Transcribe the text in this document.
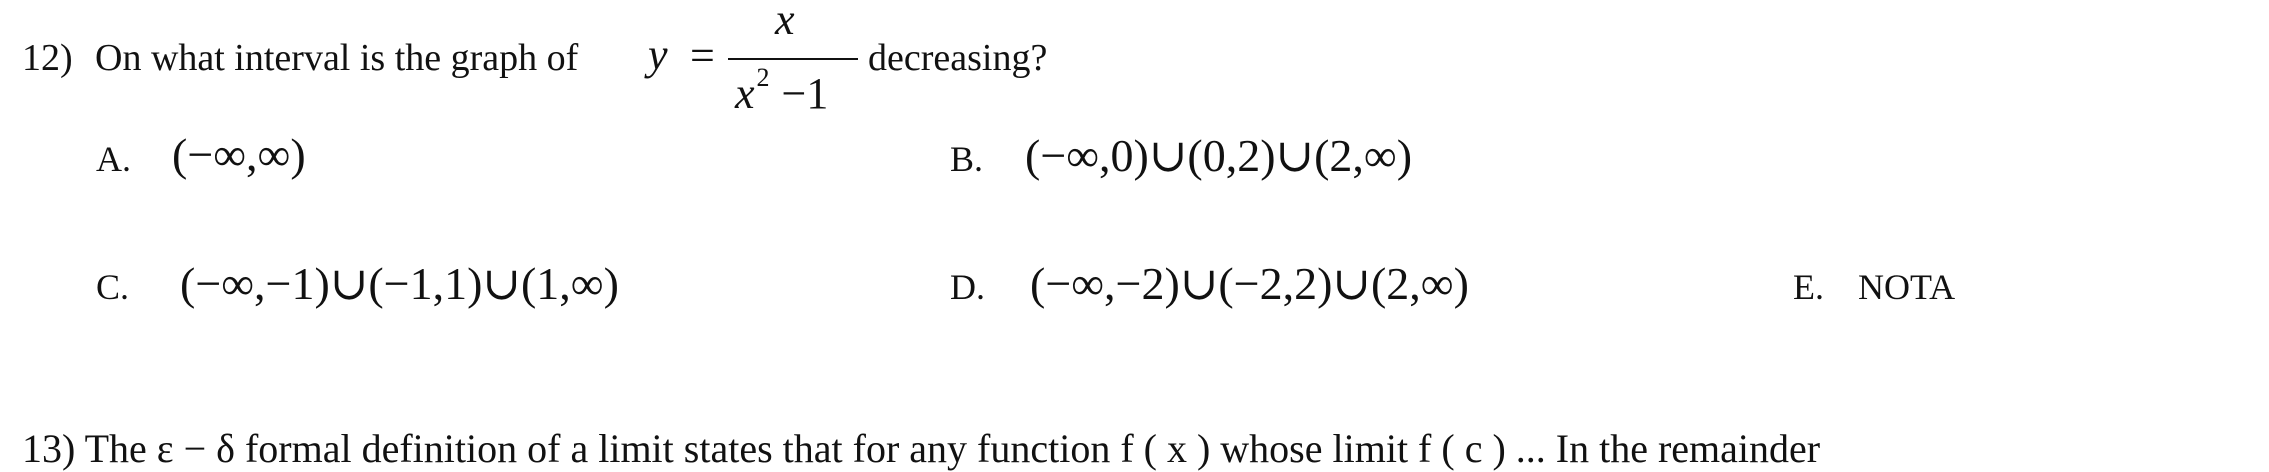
12) On what interval is the graph of y =
x
$x^2 -1$
decreasing?
A. (−∞,∞)	B. (−∞,0)∪(0,2)∪(2,∞)
C. (−∞,−1)∪(−1,1)∪(1,∞)	D. (−∞,−2)∪(−2,2)∪(2,∞)	E. NOTA
13) The ε − δ formal definition of a limit states that for any function f ( x ) whose limit f ( c ) ... In the remainder
